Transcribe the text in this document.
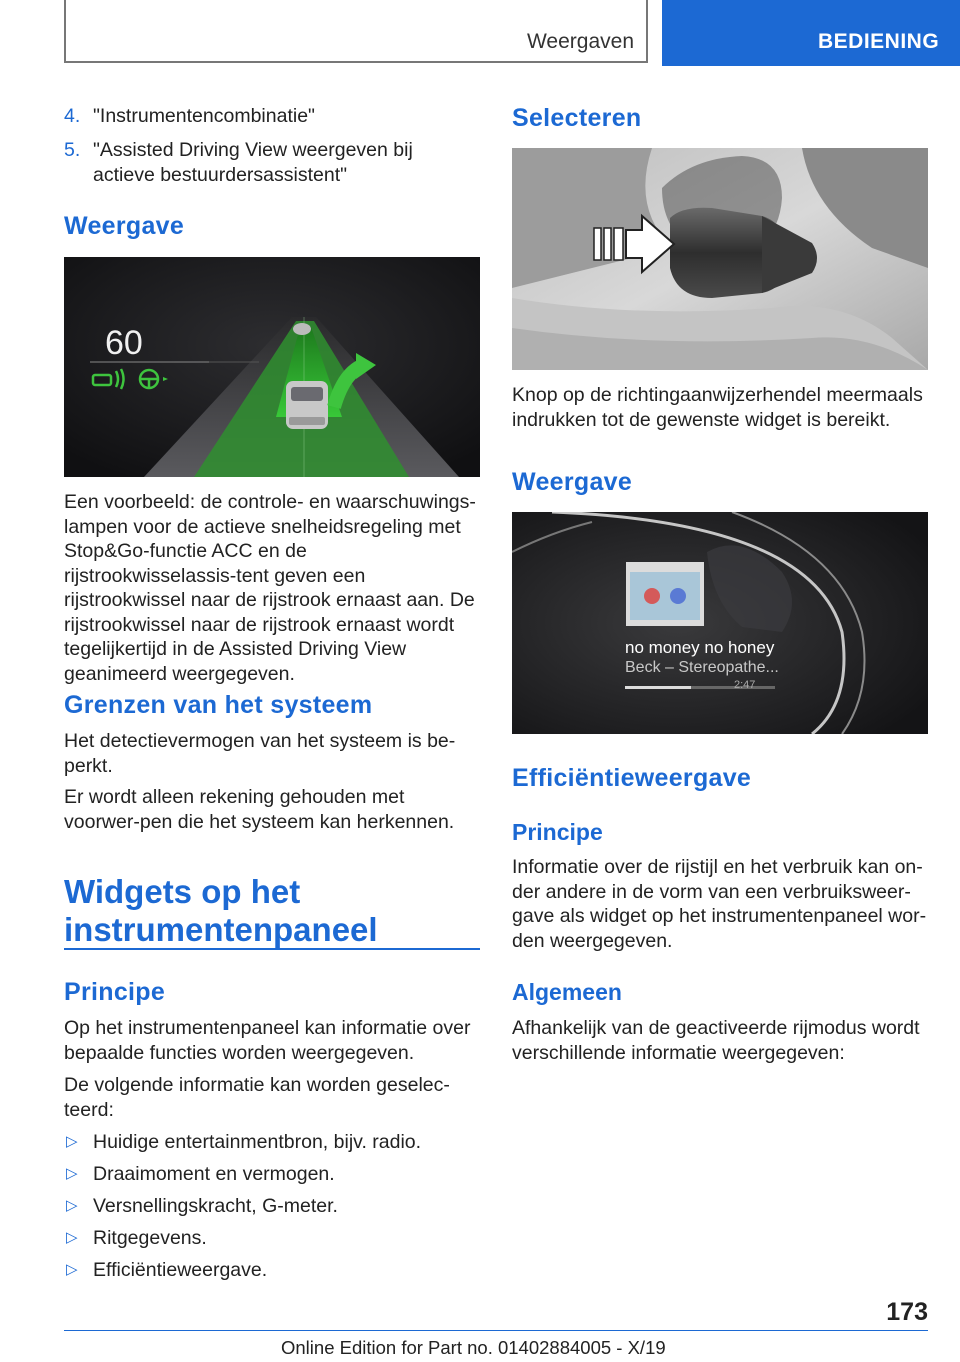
Weergaven	BEDIENING
4. "Instrumentencombinatie"
5. "Assisted Driving View weergeven bij actieve bestuurdersassistent"
Weergave
60

Een voorbeeld: de controle- en waarschuwings-lampen voor de actieve snelheidsregeling met Stop&Go-functie ACC en de rijstrookwisselassis-tent geven een rijstrookwissel naar de rijstrook ernaast aan. De rijstrookwissel naar de rijstrook ernaast wordt tegelijkertijd in de Assisted Driving View geanimeerd weergegeven.

Grenzen van het systeem

Het detectievermogen van het systeem is be-perkt.

Er wordt alleen rekening gehouden met voorwer-pen die het systeem kan herkennen.

Widgets op het instrumentenpaneel
Principe

Op het instrumentenpaneel kan informatie over bepaalde functies worden weergegeven.

De volgende informatie kan worden geselec-teerd:

▷ Huidige entertainmentbron, bijv. radio.
▷ Draaimoment en vermogen.
▷ Versnellingskracht, G-meter.
▷ Ritgegevens.
▷ Efficiëntieweergave.
Selecteren

Knop op de richtingaanwijzerhendel meermaals indrukken tot de gewenste widget is bereikt.

Weergave
no money no honey
Beck – Stereopathe...
2:47
Efficiëntieweergave
Principe

Informatie over de rijstijl en het verbruik kan on-der andere in de vorm van een verbruiksweer-gave als widget op het instrumentenpaneel wor-den weergegeven.

Algemeen

Afhankelijk van de geactiveerde rijmodus wordt verschillende informatie weergegeven:

173
Online Edition for Part no. 01402884005 - X/19
